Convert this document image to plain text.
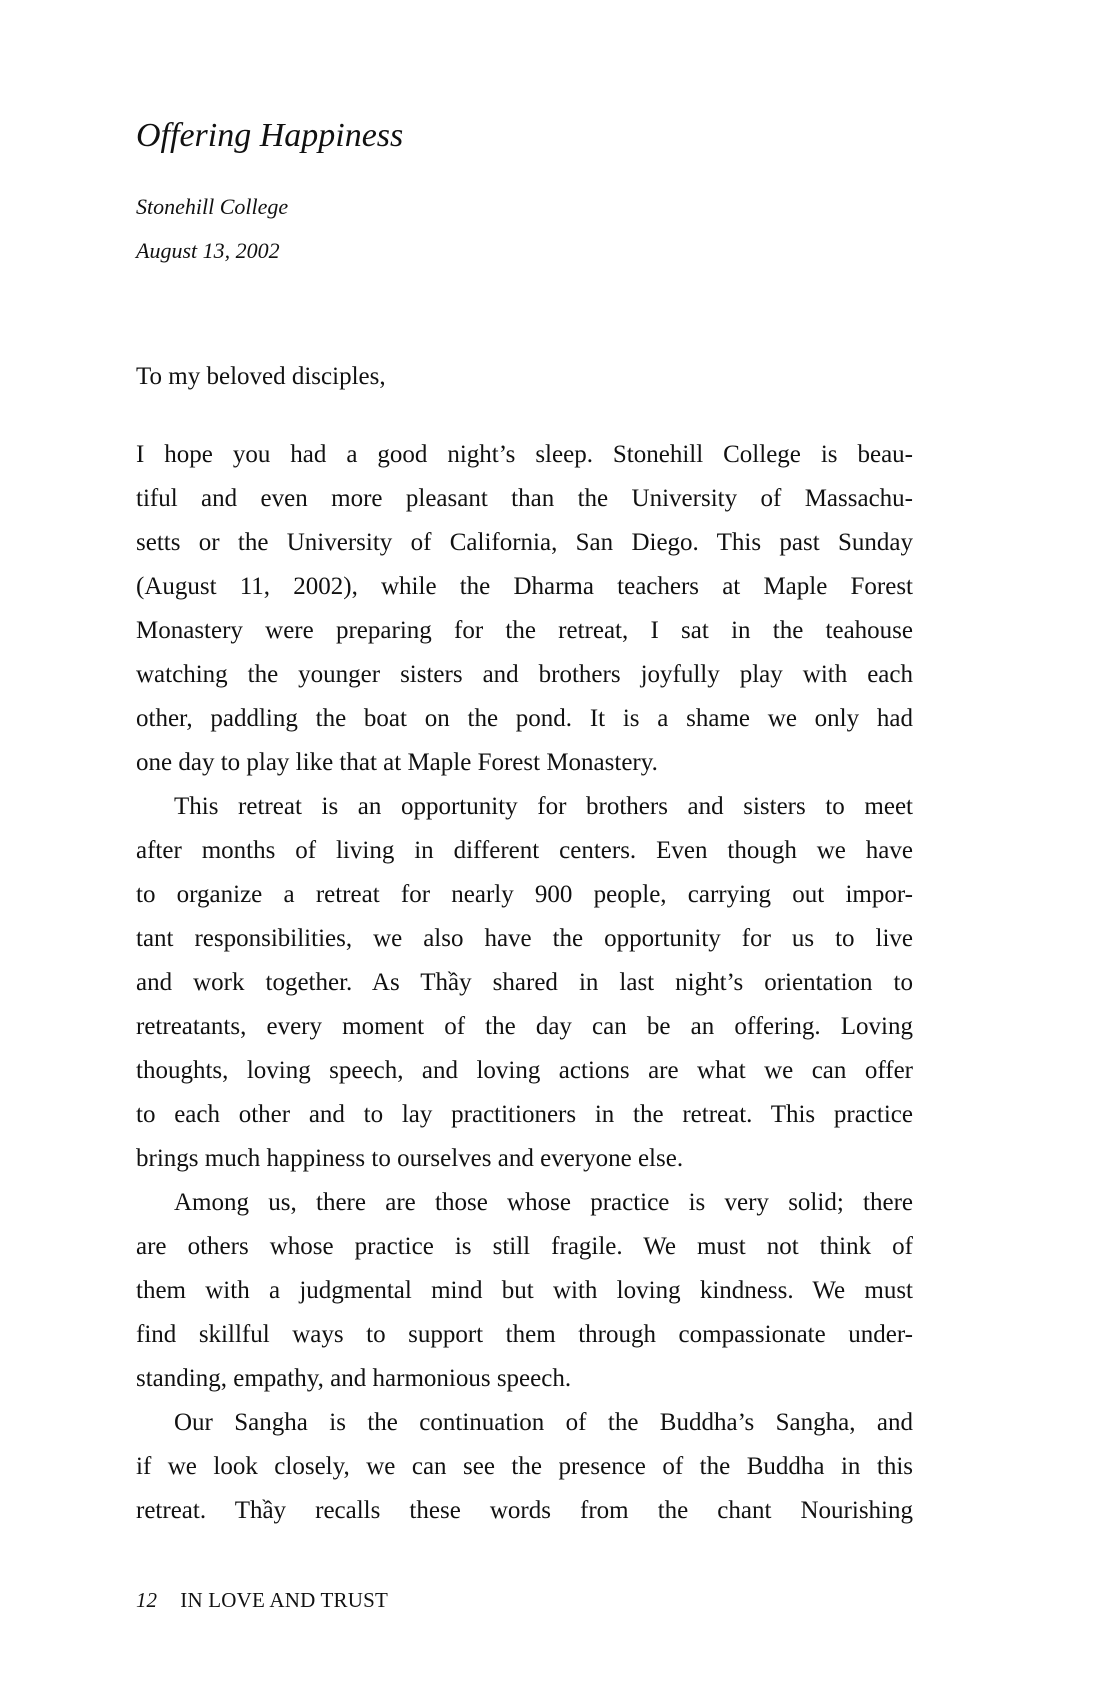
Offering Happiness
Stonehill College
August 13, 2002

To my beloved disciples,

I hope you had a good night’s sleep. Stonehill College is beau-
tiful and even more pleasant than the University of Massachu-
setts or the University of California, San Diego. This past Sunday
(August 11, 2002), while the Dharma teachers at Maple Forest
Monastery were preparing for the retreat, I sat in the teahouse
watching the younger sisters and brothers joyfully play with each
other, paddling the boat on the pond. It is a shame we only had
one day to play like that at Maple Forest Monastery.
This retreat is an opportunity for brothers and sisters to meet
after months of living in different centers. Even though we have
to organize a retreat for nearly 900 people, carrying out impor-
tant responsibilities, we also have the opportunity for us to live
and work together. As Thầy shared in last night’s orientation to
retreatants, every moment of the day can be an offering. Loving
thoughts, loving speech, and loving actions are what we can offer
to each other and to lay practitioners in the retreat. This practice
brings much happiness to ourselves and everyone else.
Among us, there are those whose practice is very solid; there
are others whose practice is still fragile. We must not think of
them with a judgmental mind but with loving kindness. We must
find skillful ways to support them through compassionate under-
standing, empathy, and harmonious speech.
Our Sangha is the continuation of the Buddha’s Sangha, and
if we look closely, we can see the presence of the Buddha in this
retreat. Thầy recalls these words from the chant Nourishing
12 IN LOVE AND TRUST
